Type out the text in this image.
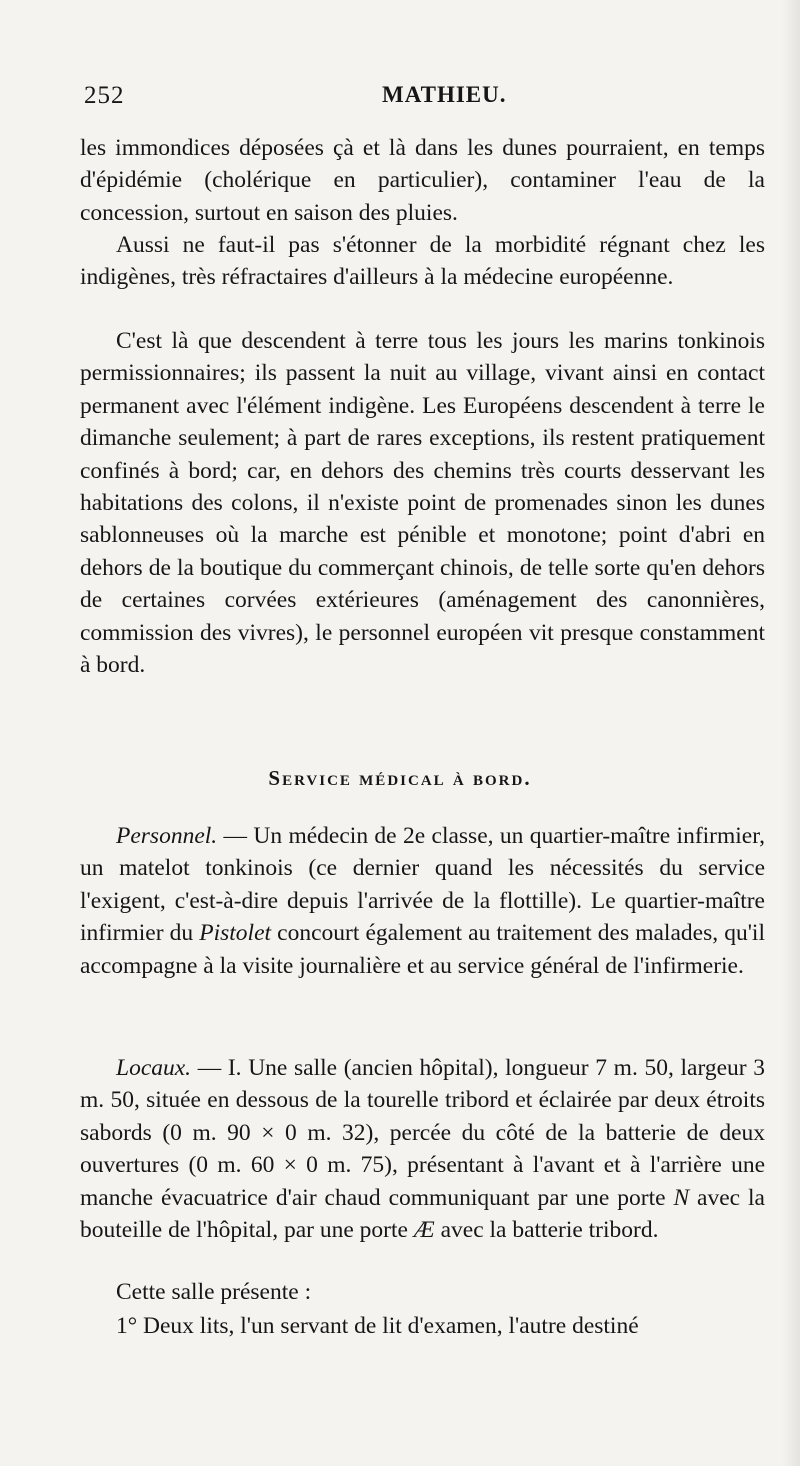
252	MATHIEU.

les immondices déposées çà et là dans les dunes pourraient, en temps d'épidémie (cholérique en particulier), contaminer l'eau de la concession, surtout en saison des pluies.

Aussi ne faut-il pas s'étonner de la morbidité régnant chez les indigènes, très réfractaires d'ailleurs à la médecine européenne.

C'est là que descendent à terre tous les jours les marins tonkinois permissionnaires; ils passent la nuit au village, vivant ainsi en contact permanent avec l'élément indigène. Les Européens descendent à terre le dimanche seulement; à part de rares exceptions, ils restent pratiquement confinés à bord; car, en dehors des chemins très courts desservant les habitations des colons, il n'existe point de promenades sinon les dunes sablonneuses où la marche est pénible et monotone; point d'abri en dehors de la boutique du commerçant chinois, de telle sorte qu'en dehors de certaines corvées extérieures (aménagement des canonnières, commission des vivres), le personnel européen vit presque constamment à bord.

Service médical à bord.

Personnel. — Un médecin de 2e classe, un quartier-maître infirmier, un matelot tonkinois (ce dernier quand les nécessités du service l'exigent, c'est-à-dire depuis l'arrivée de la flottille). Le quartier-maître infirmier du Pistolet concourt également au traitement des malades, qu'il accompagne à la visite journalière et au service général de l'infirmerie.

Locaux. — I. Une salle (ancien hôpital), longueur 7 m. 50, largeur 3 m. 50, située en dessous de la tourelle tribord et éclairée par deux étroits sabords (0 m. 90 × 0 m. 32), percée du côté de la batterie de deux ouvertures (0 m. 60 × 0 m. 75), présentant à l'avant et à l'arrière une manche évacuatrice d'air chaud communiquant par une porte N avec la bouteille de l'hôpital, par une porte Æ avec la batterie tribord.

Cette salle présente :

1° Deux lits, l'un servant de lit d'examen, l'autre destiné
